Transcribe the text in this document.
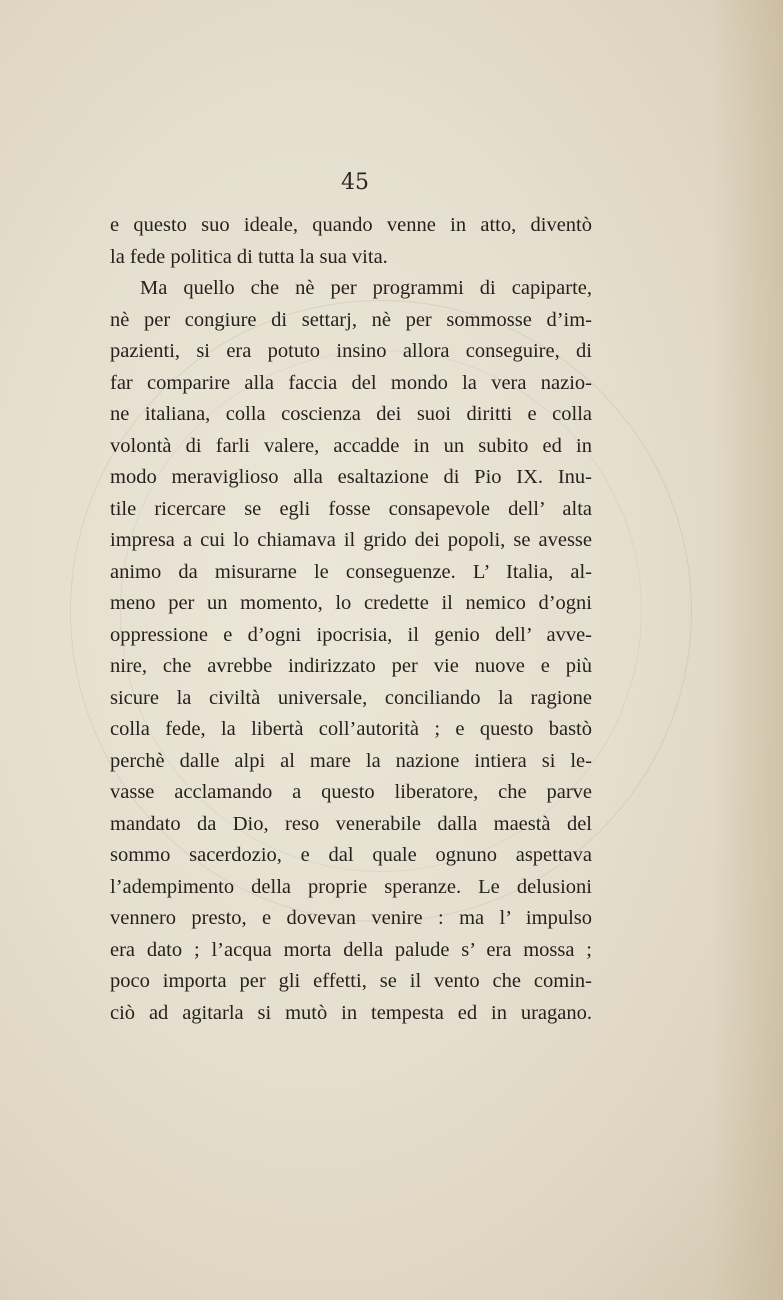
45
e questo suo ideale, quando venne in atto, diventò
la fede politica di tutta la sua vita.
Ma quello che nè per programmi di capiparte,
nè per congiure di settarj, nè per sommosse d’im-
pazienti, si era potuto insino allora conseguire, di
far comparire alla faccia del mondo la vera nazio-
ne italiana, colla coscienza dei suoi diritti e colla
volontà di farli valere, accadde in un subito ed in
modo meraviglioso alla esaltazione di Pio IX. Inu-
tile ricercare se egli fosse consapevole dell’ alta
impresa a cui lo chiamava il grido dei popoli, se avesse
animo da misurarne le conseguenze. L’ Italia, al-
meno per un momento, lo credette il nemico d’ogni
oppressione e d’ogni ipocrisia, il genio dell’ avve-
nire, che avrebbe indirizzato per vie nuove e più
sicure la civiltà universale, conciliando la ragione
colla fede, la libertà coll’autorità ; e questo bastò
perchè dalle alpi al mare la nazione intiera si le-
vasse acclamando a questo liberatore, che parve
mandato da Dio, reso venerabile dalla maestà del
sommo sacerdozio, e dal quale ognuno aspettava
l’adempimento della proprie speranze. Le delusioni
vennero presto, e dovevan venire : ma l’ impulso
era dato ; l’acqua morta della palude s’ era mossa ;
poco importa per gli effetti, se il vento che comin-
ciò ad agitarla si mutò in tempesta ed in uragano.
